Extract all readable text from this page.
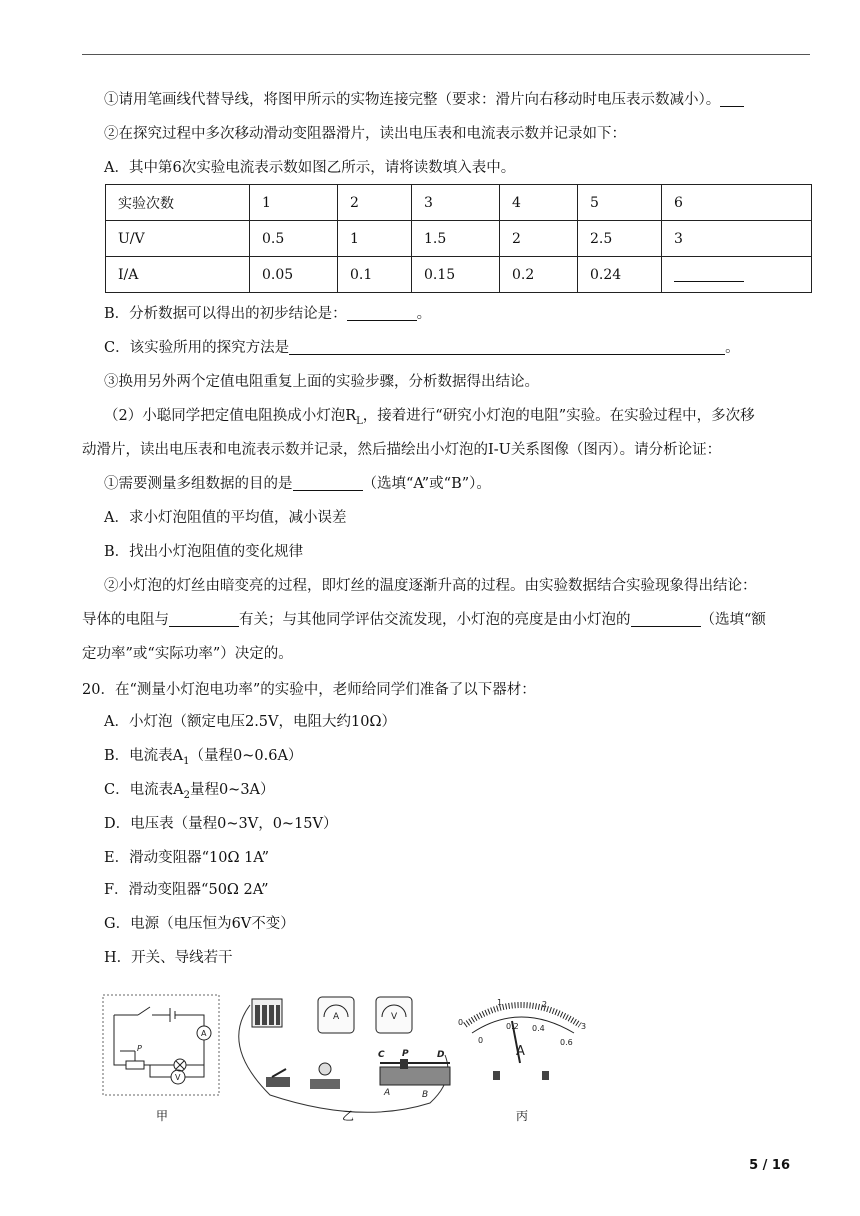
①请用笔画线代替导线，将图甲所示的实物连接完整（要求：滑片向右移动时电压表示数减小）。
②在探究过程中多次移动滑动变阻器滑片，读出电压表和电流表示数并记录如下：
A．其中第6次实验电流表示数如图乙所示，请将读数填入表中。
实验次数	1	2	3	4	5	6
U/V	0.5	1	1.5	2	2.5	3
I/A	0.05	0.1	0.15	0.2	0.24	
B．分析数据可以得出的初步结论是：	。
C．该实验所用的探究方法是	。
③换用另外两个定值电阻重复上面的实验步骤，分析数据得出结论。
（2）小聪同学把定值电阻换成小灯泡$R_L$，接着进行“研究小灯泡的电阻”实验。在实验过程中，多次移
动滑片，读出电压表和电流表示数并记录，然后描绘出小灯泡的I-U关系图像（图丙）。请分析论证：
①需要测量多组数据的目的是	（选填“A”或“B”）。
A．求小灯泡阻值的平均值，减小误差
B．找出小灯泡阻值的变化规律
②小灯泡的灯丝由暗变亮的过程，即灯丝的温度逐渐升高的过程。由实验数据结合实验现象得出结论：
导体的电阻与	有关；与其他同学评估交流发现，小灯泡的亮度是由小灯泡的	（选填“额
定功率”或“实际功率”）决定的。
20．在“测量小灯泡电功率”的实验中，老师给同学们准备了以下器材：
A．小灯泡（额定电压2.5V，电阻大约10Ω）
B．电流表$A_1$（量程0~0.6A）
C．电流表$A_2$量程0~3A）
D．电压表（量程0~3V，0~15V）
E．滑动变阻器“10Ω 1A”
F．滑动变阻器“50Ω 2A”
G．电源（电压恒为6V不变）
H．开关、导线若干
A
V
P
A	V
C P	D
A	B
0
1	2
3
0
0.2 0.4
0.6
A
甲	乙	丙
5 / 16
